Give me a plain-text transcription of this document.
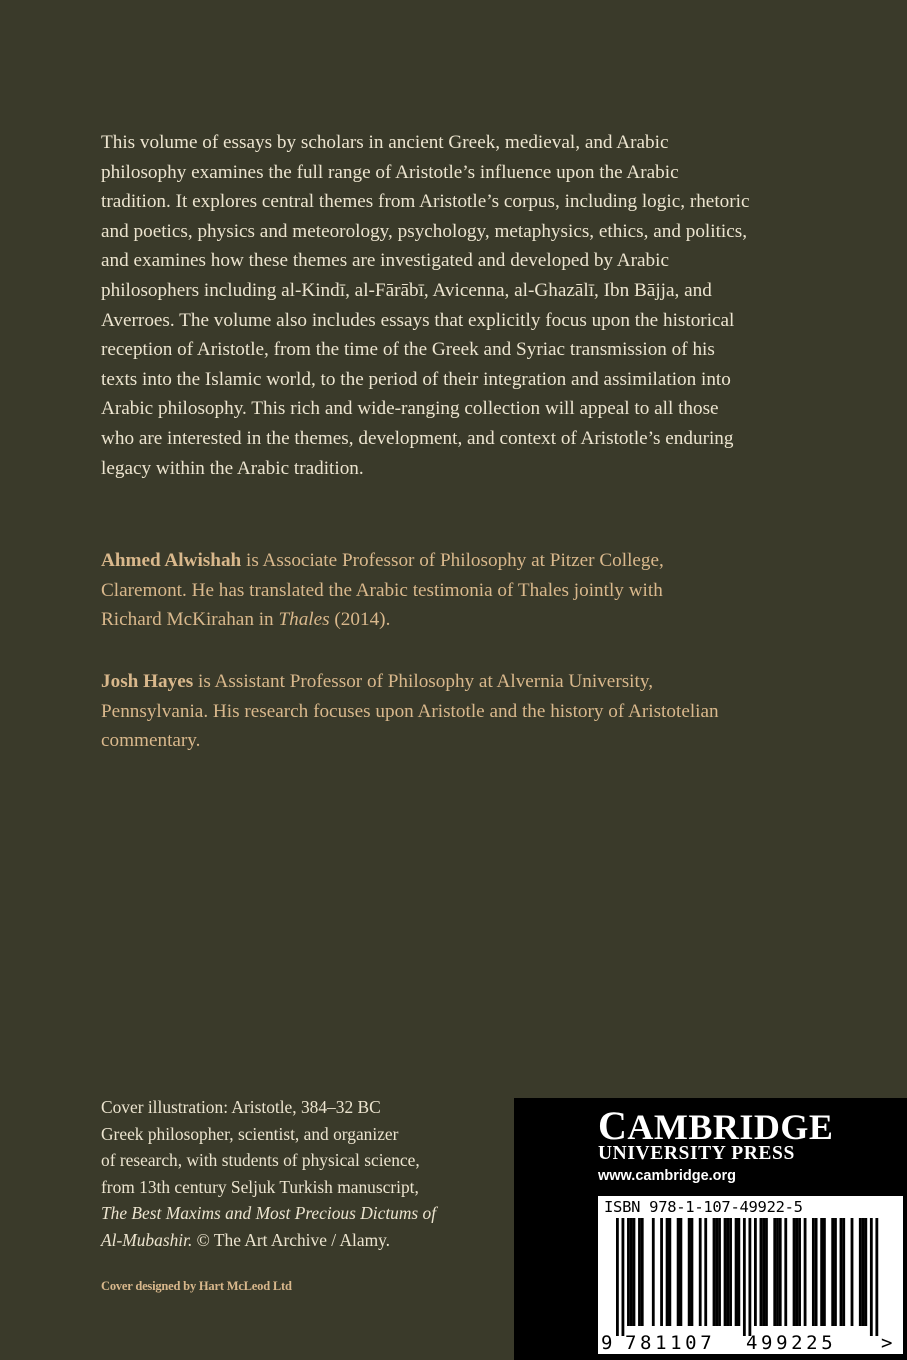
This volume of essays by scholars in ancient Greek, medieval, and Arabic philosophy examines the full range of Aristotle’s influence upon the Arabic tradition. It explores central themes from Aristotle’s corpus, including logic, rhetoric and poetics, physics and meteorology, psychology, metaphysics, ethics, and politics, and examines how these themes are investigated and developed by Arabic philosophers including al-Kindī, al-Fārābī, Avicenna, al-Ghazālī, Ibn Bājja, and Averroes. The volume also includes essays that explicitly focus upon the historical reception of Aristotle, from the time of the Greek and Syriac transmission of his texts into the Islamic world, to the period of their integration and assimilation into Arabic philosophy. This rich and wide-ranging collection will appeal to all those who are interested in the themes, development, and context of Aristotle’s enduring legacy within the Arabic tradition.

Ahmed Alwishah is Associate Professor of Philosophy at Pitzer College, Claremont. He has translated the Arabic testimonia of Thales jointly with Richard McKirahan in Thales (2014).

Josh Hayes is Assistant Professor of Philosophy at Alvernia University, Pennsylvania. His research focuses upon Aristotle and the history of Aristotelian commentary.

Cover illustration: Aristotle, 384–32 BC
Greek philosopher, scientist, and organizer
of research, with students of physical science,
from 13th century Seljuk Turkish manuscript,
The Best Maxims and Most Precious Dictums of
Al-Mubashir. © The Art Archive / Alamy.

Cover designed by Hart McLeod Ltd

CAMBRIDGE
UNIVERSITY PRESS
www.cambridge.org
ISBN 978-1-107-49922-5
9 781107 499225 >
